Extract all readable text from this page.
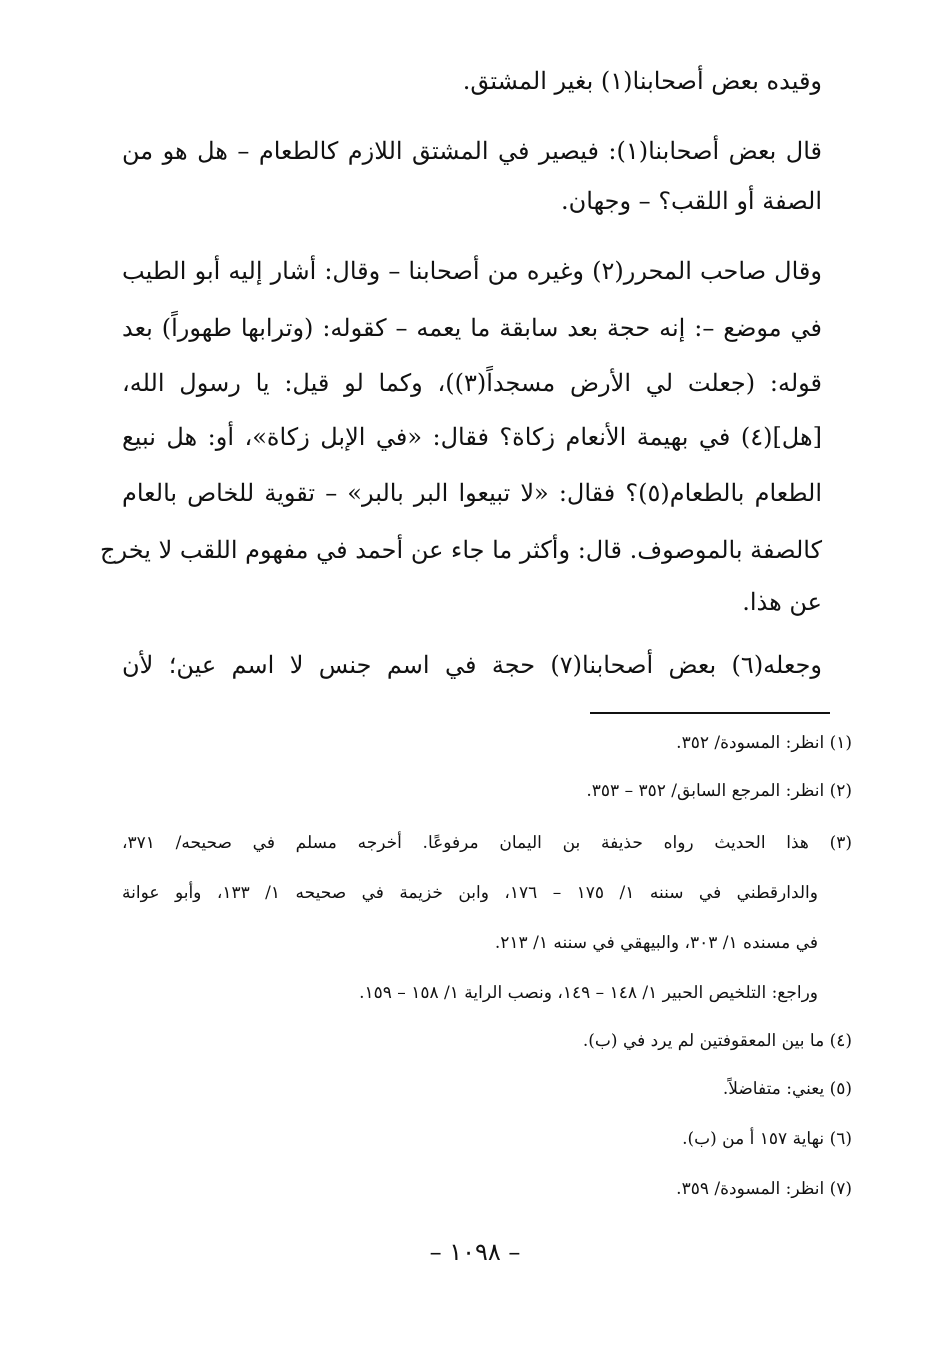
وقيده بعض أصحابنا(١) بغير المشتق.
قال بعض أصحابنا(١): فيصير في المشتق اللازم كالطعام – هل هو من
الصفة أو اللقب؟ – وجهان.
وقال صاحب المحرر(٢) وغيره من أصحابنا – وقال: أشار إليه أبو الطيب
في موضع –: إنه حجة بعد سابقة ما يعمه – كقوله: (وترابها طهوراً) بعد
قوله: (جعلت لي الأرض مسجداً(٣))، وكما لو قيل: يا رسول الله،
[هل](٤) في بهيمة الأنعام زكاة؟ فقال: «في الإبل زكاة»، أو: هل نبيع
الطعام بالطعام(٥)؟ فقال: «لا تبيعوا البر بالبر» – تقوية للخاص بالعام
كالصفة بالموصوف. قال: وأكثر ما جاء عن أحمد في مفهوم اللقب لا يخرج
عن هذا.
وجعله(٦) بعض أصحابنا(٧) حجة في اسم جنس لا اسم عين؛ لأن
(١) انظر: المسودة/ ٣٥٢.
(٢) انظر: المرجع السابق/ ٣٥٢ – ٣٥٣.
(٣) هذا الحديث رواه حذيفة بن اليمان مرفوعًا. أخرجه مسلم في صحيحه/ ٣٧١،
والدارقطني في سننه ١/ ١٧٥ – ١٧٦، وابن خزيمة في صحيحه ١/ ١٣٣، وأبو عوانة
في مسنده ١/ ٣٠٣، والبيهقي في سننه ١/ ٢١٣.
وراجع: التلخيص الحبير ١/ ١٤٨ – ١٤٩، ونصب الراية ١/ ١٥٨ – ١٥٩.
(٤) ما بين المعقوفتين لم يرد في (ب).
(٥) يعني: متفاضلاً.
(٦) نهاية ١٥٧ أ من (ب).
(٧) انظر: المسودة/ ٣٥٩.
– ١٠٩٨ –
